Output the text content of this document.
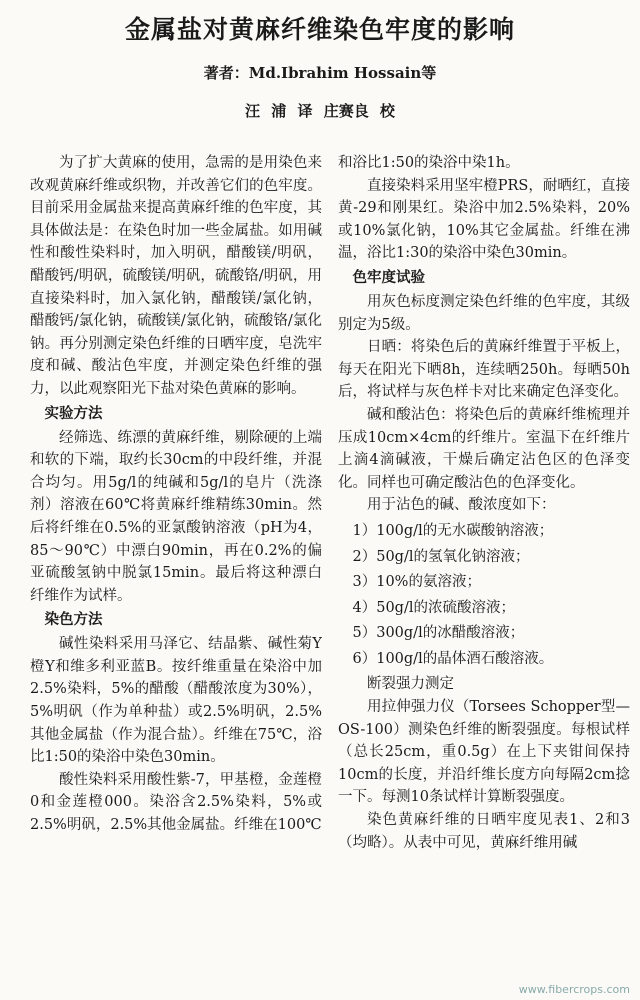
金属盐对黄麻纤维染色牢度的影响
著者：Md.Ibrahim Hossain等
汪 浦 译 庄赛良 校

为了扩大黄麻的使用，急需的是用染色来改观黄麻纤维或织物，并改善它们的色牢度。目前采用金属盐来提高黄麻纤维的色牢度，其具体做法是：在染色时加一些金属盐。如用碱性和酸性染料时，加入明矾，醋酸镁/明矾，醋酸钙/明矾，硫酸镁/明矾，硫酸铬/明矾，用直接染料时，加入氯化钠，醋酸镁/氯化钠，醋酸钙/氯化钠，硫酸镁/氯化钠，硫酸铬/氯化钠。再分别测定染色纤维的日晒牢度，皂洗牢度和碱、酸沾色牢度，并测定染色纤维的强力，以此观察阳光下盐对染色黄麻的影响。

实验方法

经筛选、练漂的黄麻纤维，剔除硬的上端和软的下端，取约长30cm的中段纤维，并混合均匀。用5g/l的纯碱和5g/l的皂片（洗涤剂）溶液在60℃将黄麻纤维精练30min。然后将纤维在0.5%的亚氯酸钠溶液（pH为4，85～90℃）中漂白90min，再在0.2%的偏亚硫酸氢钠中脱氯15min。最后将这种漂白纤维作为试样。

染色方法

碱性染料采用马泽它、结晶紫、碱性菊Y橙Y和维多利亚蓝B。按纤维重量在染浴中加2.5%染料，5%的醋酸（醋酸浓度为30%），5%明矾（作为单种盐）或2.5%明矾，2.5%其他金属盐（作为混合盐）。纤维在75℃，浴比1:50的染浴中染色30min。

酸性染料采用酸性紫-7，甲基橙，金莲橙0和金莲橙000。染浴含2.5%染料，5%或2.5%明矾，2.5%其他金属盐。纤维在100℃

和浴比1:50的染浴中染1h。

直接染料采用坚牢橙PRS，耐晒红，直接黄-29和刚果红。染浴中加2.5%染料，20%或10%氯化钠，10%其它金属盐。纤维在沸温，浴比1:30的染浴中染色30min。

色牢度试验

用灰色标度测定染色纤维的色牢度，其级别定为5级。

日晒：将染色后的黄麻纤维置于平板上，每天在阳光下晒8h，连续晒250h。每晒50h后，将试样与灰色样卡对比来确定色泽变化。

碱和酸沾色：将染色后的黄麻纤维梳理并压成10cm×4cm的纤维片。室温下在纤维片上滴4滴碱液，干燥后确定沾色区的色泽变化。同样也可确定酸沾色的色泽变化。

用于沾色的碱、酸浓度如下：

1）100g/l的无水碳酸钠溶液；
2）50g/l的氢氧化钠溶液；
3）10%的氨溶液；
4）50g/l的浓硫酸溶液；
5）300g/l的冰醋酸溶液；
6）100g/l的晶体酒石酸溶液。

断裂强力测定

用拉伸强力仪（Torsees Schopper型—OS-100）测染色纤维的断裂强度。每根试样（总长25cm，重0.5g）在上下夹钳间保持10cm的长度，并沿纤维长度方向每隔2cm捻一下。每测10条试样计算断裂强度。

染色黄麻纤维的日晒牢度见表1、2和3（均略）。从表中可见，黄麻纤维用碱

www.fibercrops.com
